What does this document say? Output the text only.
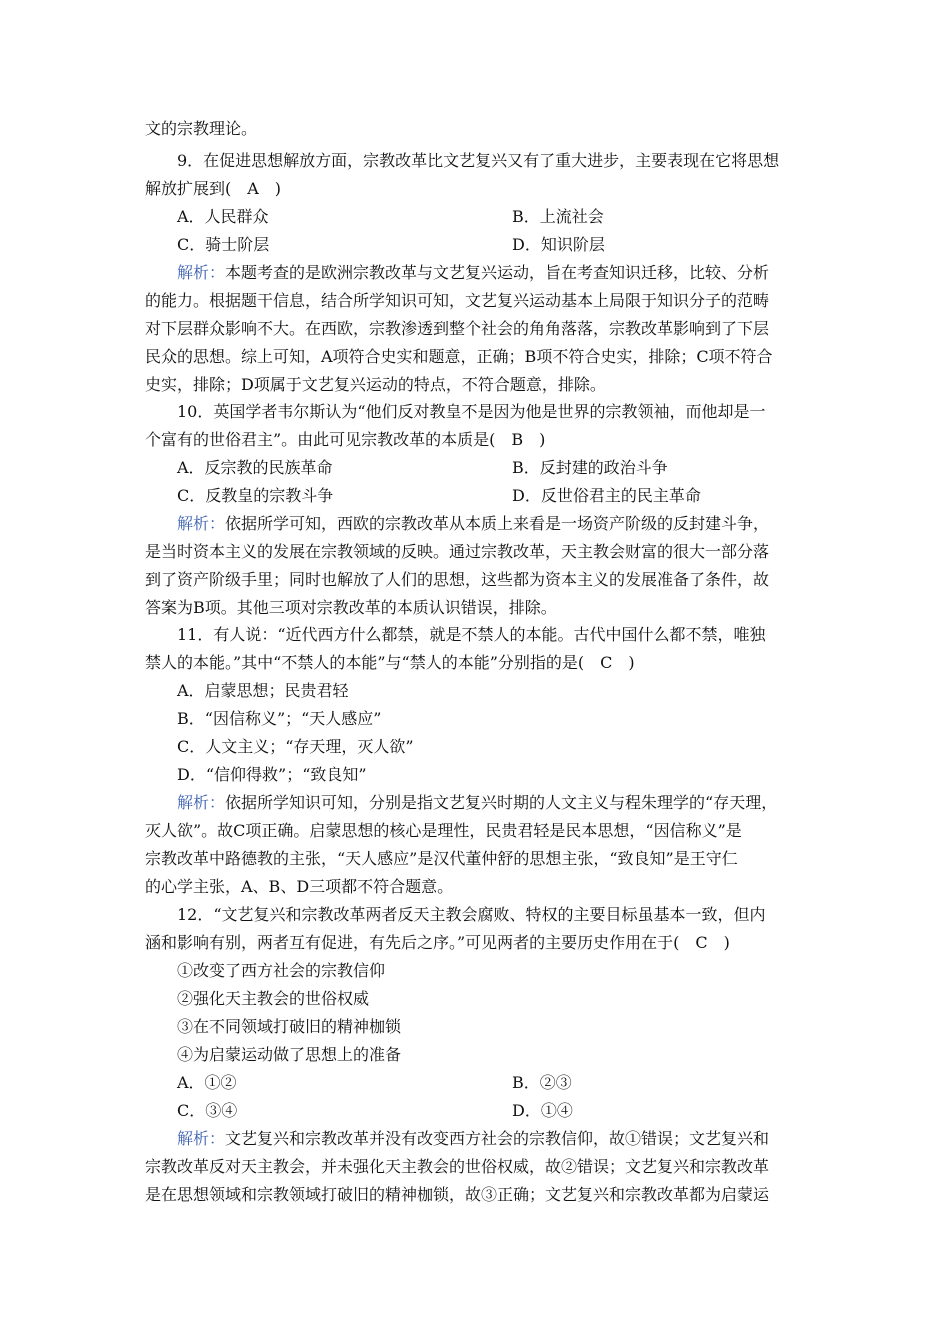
文的宗教理论。
9．在促进思想解放方面，宗教改革比文艺复兴又有了重大进步，主要表现在它将思想
解放扩展到(　A　)
A．人民群众	B．上流社会
C．骑士阶层	D．知识阶层
解析：本题考查的是欧洲宗教改革与文艺复兴运动，旨在考查知识迁移，比较、分析
的能力。根据题干信息，结合所学知识可知，文艺复兴运动基本上局限于知识分子的范畴
对下层群众影响不大。在西欧，宗教渗透到整个社会的角角落落，宗教改革影响到了下层
民众的思想。综上可知，A项符合史实和题意，正确；B项不符合史实，排除；C项不符合
史实，排除；D项属于文艺复兴运动的特点，不符合题意，排除。
10．英国学者韦尔斯认为“他们反对教皇不是因为他是世界的宗教领袖，而他却是一
个富有的世俗君主”。由此可见宗教改革的本质是(　B　)
A．反宗教的民族革命	B．反封建的政治斗争
C．反教皇的宗教斗争	D．反世俗君主的民主革命
解析：依据所学可知，西欧的宗教改革从本质上来看是一场资产阶级的反封建斗争，
是当时资本主义的发展在宗教领域的反映。通过宗教改革，天主教会财富的很大一部分落
到了资产阶级手里；同时也解放了人们的思想，这些都为资本主义的发展准备了条件，故
答案为B项。其他三项对宗教改革的本质认识错误，排除。
11．有人说：“近代西方什么都禁，就是不禁人的本能。古代中国什么都不禁，唯独
禁人的本能。”其中“不禁人的本能”与“禁人的本能”分别指的是(　C　)
A．启蒙思想；民贵君轻
B．“因信称义”；“天人感应”
C．人文主义；“存天理，灭人欲”
D．“信仰得救”；“致良知”
解析：依据所学知识可知，分别是指文艺复兴时期的人文主义与程朱理学的“存天理，
灭人欲”。故C项正确。启蒙思想的核心是理性，民贵君轻是民本思想，“因信称义”是
宗教改革中路德教的主张，“天人感应”是汉代董仲舒的思想主张，“致良知”是王守仁
的心学主张，A、B、D三项都不符合题意。
12．“文艺复兴和宗教改革两者反天主教会腐败、特权的主要目标虽基本一致，但内
涵和影响有别，两者互有促进，有先后之序。”可见两者的主要历史作用在于(　C　)
①改变了西方社会的宗教信仰
②强化天主教会的世俗权威
③在不同领域打破旧的精神枷锁
④为启蒙运动做了思想上的准备
A．①②	B．②③
C．③④	D．①④
解析：文艺复兴和宗教改革并没有改变西方社会的宗教信仰，故①错误；文艺复兴和
宗教改革反对天主教会，并未强化天主教会的世俗权威，故②错误；文艺复兴和宗教改革
是在思想领域和宗教领域打破旧的精神枷锁，故③正确；文艺复兴和宗教改革都为启蒙运
